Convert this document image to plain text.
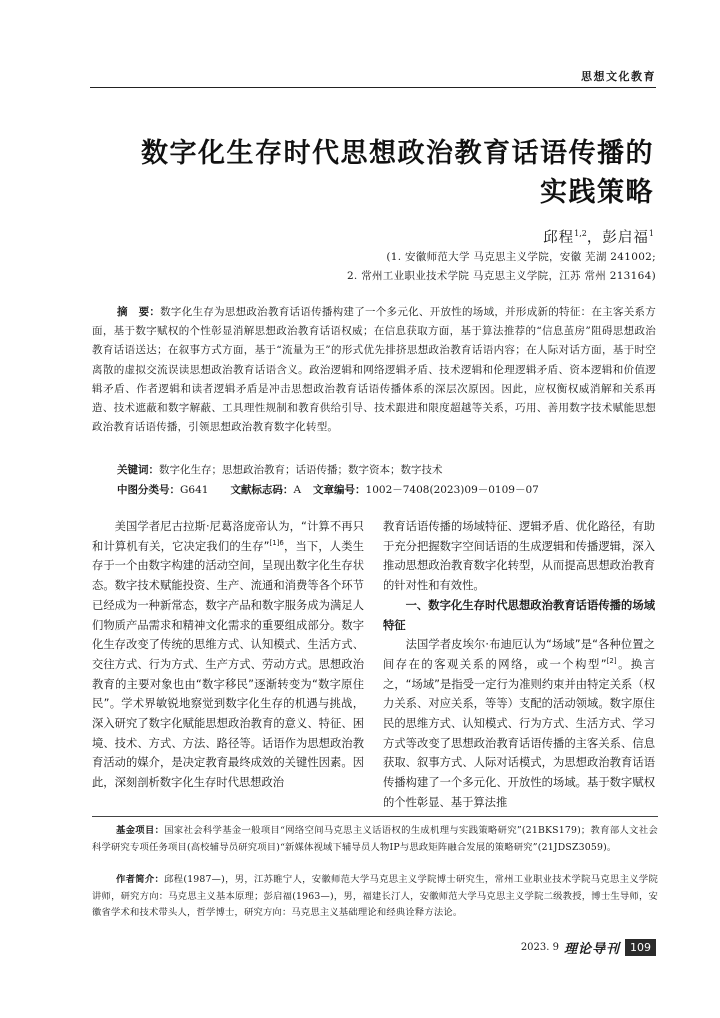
思想文化教育
数字化生存时代思想政治教育话语传播的
实践策略
邱程$^{1,2}$，彭启福$^1$
(1. 安徽师范大学 马克思主义学院，安徽 芜湖 241002;
2. 常州工业职业技术学院 马克思主义学院，江苏 常州 213164)

摘　要：数字化生存为思想政治教育话语传播构建了一个多元化、开放性的场域，并形成新的特征：在主客关系方面，基于数字赋权的个性彰显消解思想政治教育话语权威；在信息获取方面，基于算法推荐的“信息茧房”阻碍思想政治教育话语送达；在叙事方式方面，基于“流量为王”的形式优先排挤思想政治教育话语内容；在人际对话方面，基于时空离散的虚拟交流误读思想政治教育话语含义。政治逻辑和网络逻辑矛盾、技术逻辑和伦理逻辑矛盾、资本逻辑和价值逻辑矛盾、作者逻辑和读者逻辑矛盾是冲击思想政治教育话语传播体系的深层次原因。因此，应权衡权威消解和关系再造、技术遮蔽和数字解蔽、工具理性规制和教育供给引导、技术跟进和限度超越等关系，巧用、善用数字技术赋能思想政治教育话语传播，引领思想政治教育数字化转型。

关键词：数字化生存；思想政治教育；话语传播；数字资本；数字技术
中图分类号：G641 文献标志码：A 文章编号：1002－7408(2023)09－0109－07

美国学者尼古拉斯·尼葛洛庞帝认为，“计算不再只和计算机有关，它决定我们的生存”$^{[1]6}$，当下，人类生存于一个由数字构建的活动空间，呈现出数字化生存状态。数字技术赋能投资、生产、流通和消费等各个环节已经成为一种新常态，数字产品和数字服务成为满足人们物质产品需求和精神文化需求的重要组成部分。数字化生存改变了传统的思维方式、认知模式、生活方式、交往方式、行为方式、生产方式、劳动方式。思想政治教育的主要对象也由“数字移民”逐渐转变为“数字原住民”。学术界敏锐地察觉到数字化生存的机遇与挑战，深入研究了数字化赋能思想政治教育的意义、特征、困境、技术、方式、方法、路径等。话语作为思想政治教育活动的媒介，是决定教育最终成效的关键性因素。因此，深刻剖析数字化生存时代思想政治

教育话语传播的场域特征、逻辑矛盾、优化路径，有助于充分把握数字空间话语的生成逻辑和传播逻辑，深入推动思想政治教育数字化转型，从而提高思想政治教育的针对性和有效性。

一、数字化生存时代思想政治教育话语传播的场域特征

法国学者皮埃尔·布迪厄认为“场域”是“各种位置之间存在的客观关系的网络，或一个构型”[2]。换言之，“场域”是指受一定行为准则约束并由特定关系（权力关系、对应关系，等等）支配的活动领域。数字原住民的思维方式、认知模式、行为方式、生活方式、学习方式等改变了思想政治教育话语传播的主客关系、信息获取、叙事方式、人际对话模式，为思想政治教育话语传播构建了一个多元化、开放性的场域。基于数字赋权的个性彰显、基于算法推

基金项目：国家社会科学基金一般项目“网络空间马克思主义话语权的生成机理与实践策略研究”(21BKS179)；教育部人文社会科学研究专项任务项目(高校辅导员研究项目)“新媒体视域下辅导员人物IP与思政矩阵融合发展的策略研究”(21JDSZ3059)。

作者简介：邱程(1987—)，男，江苏睢宁人，安徽师范大学马克思主义学院博士研究生，常州工业职业技术学院马克思主义学院讲师，研究方向：马克思主义基本原理；彭启福(1963—)，男，福建长汀人，安徽师范大学马克思主义学院二级教授，博士生导师，安徽省学术和技术带头人，哲学博士，研究方向：马克思主义基础理论和经典诠释方法论。

2023. 9 理论导刊 109
